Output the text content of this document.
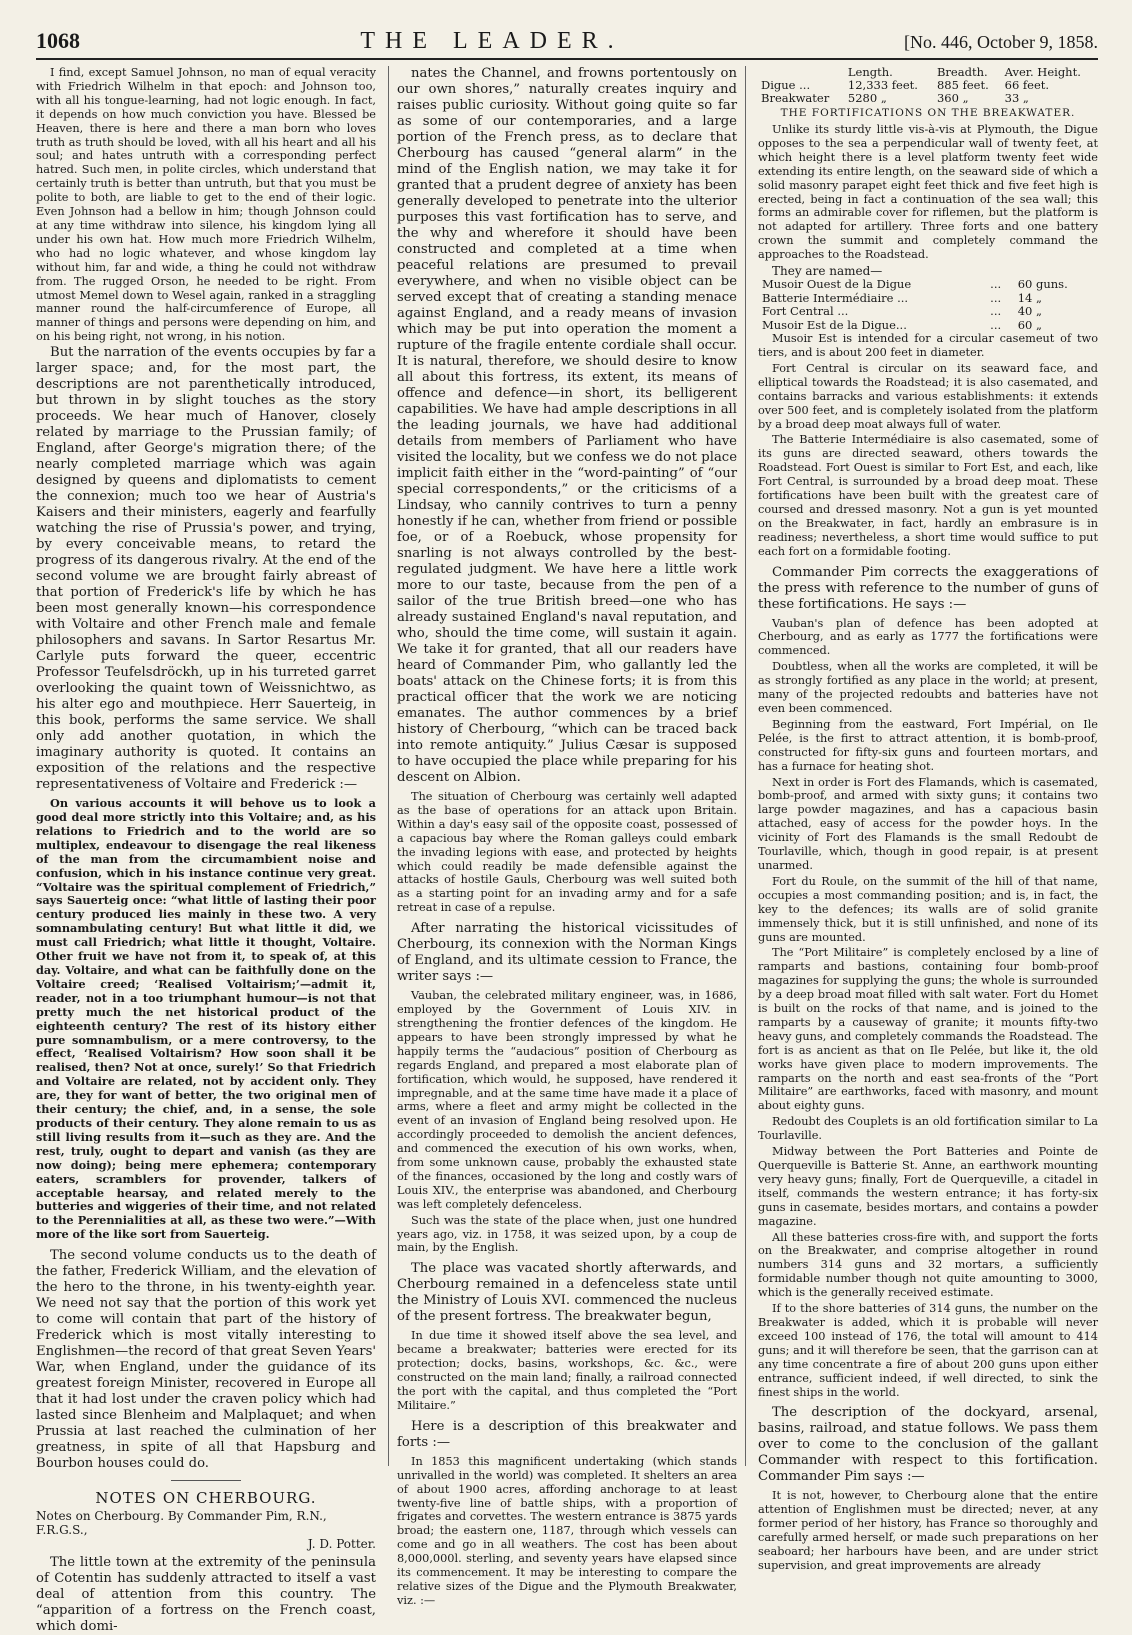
1068	THE LEADER.	[No. 446, October 9, 1858.

I find, except Samuel Johnson, no man of equal veracity with Friedrich Wilhelm in that epoch: and Johnson too, with all his tongue-learning, had not logic enough. In fact, it depends on how much conviction you have. Blessed be Heaven, there is here and there a man born who loves truth as truth should be loved, with all his heart and all his soul; and hates untruth with a corresponding perfect hatred. Such men, in polite circles, which understand that certainly truth is better than untruth, but that you must be polite to both, are liable to get to the end of their logic. Even Johnson had a bellow in him; though Johnson could at any time withdraw into silence, his kingdom lying all under his own hat. How much more Friedrich Wilhelm, who had no logic whatever, and whose kingdom lay without him, far and wide, a thing he could not withdraw from. The rugged Orson, he needed to be right. From utmost Memel down to Wesel again, ranked in a straggling manner round the half-circumference of Europe, all manner of things and persons were depending on him, and on his being right, not wrong, in his notion.

But the narration of the events occupies by far a larger space; and, for the most part, the descriptions are not parenthetically introduced, but thrown in by slight touches as the story proceeds. We hear much of Hanover, closely related by marriage to the Prussian family; of England, after George's migration there; of the nearly completed marriage which was again designed by queens and diplomatists to cement the connexion; much too we hear of Austria's Kaisers and their ministers, eagerly and fearfully watching the rise of Prussia's power, and trying, by every conceivable means, to retard the progress of its dangerous rivalry. At the end of the second volume we are brought fairly abreast of that portion of Frederick's life by which he has been most generally known—his correspondence with Voltaire and other French male and female philosophers and savans. In Sartor Resartus Mr. Carlyle puts forward the queer, eccentric Professor Teufelsdröckh, up in his turreted garret overlooking the quaint town of Weissnichtwo, as his alter ego and mouthpiece. Herr Sauerteig, in this book, performs the same service. We shall only add another quotation, in which the imaginary authority is quoted. It contains an exposition of the relations and the respective representativeness of Voltaire and Frederick :—

On various accounts it will behove us to look a good deal more strictly into this Voltaire; and, as his relations to Friedrich and to the world are so multiplex, endeavour to disengage the real likeness of the man from the circumambient noise and confusion, which in his instance continue very great. “Voltaire was the spiritual complement of Friedrich,” says Sauerteig once: “what little of lasting their poor century produced lies mainly in these two. A very somnambulating century! But what little it did, we must call Friedrich; what little it thought, Voltaire. Other fruit we have not from it, to speak of, at this day. Voltaire, and what can be faithfully done on the Voltaire creed; ‘Realised Voltairism;’—admit it, reader, not in a too triumphant humour—is not that pretty much the net historical product of the eighteenth century? The rest of its history either pure somnambulism, or a mere controversy, to the effect, ‘Realised Voltairism? How soon shall it be realised, then? Not at once, surely!’ So that Friedrich and Voltaire are related, not by accident only. They are, they for want of better, the two original men of their century; the chief, and, in a sense, the sole products of their century. They alone remain to us as still living results from it—such as they are. And the rest, truly, ought to depart and vanish (as they are now doing); being mere ephemera; contemporary eaters, scramblers for provender, talkers of acceptable hearsay, and related merely to the butteries and wiggeries of their time, and not related to the Perennialities at all, as these two were.”—With more of the like sort from Sauerteig.

The second volume conducts us to the death of the father, Frederick William, and the elevation of the hero to the throne, in his twenty-eighth year. We need not say that the portion of this work yet to come will contain that part of the history of Frederick which is most vitally interesting to Englishmen—the record of that great Seven Years' War, when England, under the guidance of its greatest foreign Minister, recovered in Europe all that it had lost under the craven policy which had lasted since Blenheim and Malplaquet; and when Prussia at last reached the culmination of her greatness, in spite of all that Hapsburg and Bourbon houses could do.

NOTES ON CHERBOURG.
Notes on Cherbourg. By Commander Pim, R.N., F.R.G.S.,
J. D. Potter.

The little town at the extremity of the peninsula of Cotentin has suddenly attracted to itself a vast deal of attention from this country. The “apparition of a fortress on the French coast, which domi-

nates the Channel, and frowns portentously on our own shores,” naturally creates inquiry and raises public curiosity. Without going quite so far as some of our contemporaries, and a large portion of the French press, as to declare that Cherbourg has caused “general alarm” in the mind of the English nation, we may take it for granted that a prudent degree of anxiety has been generally developed to penetrate into the ulterior purposes this vast fortification has to serve, and the why and wherefore it should have been constructed and completed at a time when peaceful relations are presumed to prevail everywhere, and when no visible object can be served except that of creating a standing menace against England, and a ready means of invasion which may be put into operation the moment a rupture of the fragile entente cordiale shall occur. It is natural, therefore, we should desire to know all about this fortress, its extent, its means of offence and defence—in short, its belligerent capabilities. We have had ample descriptions in all the leading journals, we have had additional details from members of Parliament who have visited the locality, but we confess we do not place implicit faith either in the “word-painting” of “our special correspondents,” or the criticisms of a Lindsay, who cannily contrives to turn a penny honestly if he can, whether from friend or possible foe, or of a Roebuck, whose propensity for snarling is not always controlled by the best-regulated judgment. We have here a little work more to our taste, because from the pen of a sailor of the true British breed—one who has already sustained England's naval reputation, and who, should the time come, will sustain it again. We take it for granted, that all our readers have heard of Commander Pim, who gallantly led the boats' attack on the Chinese forts; it is from this practical officer that the work we are noticing emanates. The author commences by a brief history of Cherbourg, “which can be traced back into remote antiquity.” Julius Cæsar is supposed to have occupied the place while preparing for his descent on Albion.

The situation of Cherbourg was certainly well adapted as the base of operations for an attack upon Britain. Within a day's easy sail of the opposite coast, possessed of a capacious bay where the Roman galleys could embark the invading legions with ease, and protected by heights which could readily be made defensible against the attacks of hostile Gauls, Cherbourg was well suited both as a starting point for an invading army and for a safe retreat in case of a repulse.

After narrating the historical vicissitudes of Cherbourg, its connexion with the Norman Kings of England, and its ultimate cession to France, the writer says :—

Vauban, the celebrated military engineer, was, in 1686, employed by the Government of Louis XIV. in strengthening the frontier defences of the kingdom. He appears to have been strongly impressed by what he happily terms the “audacious” position of Cherbourg as regards England, and prepared a most elaborate plan of fortification, which would, he supposed, have rendered it impregnable, and at the same time have made it a place of arms, where a fleet and army might be collected in the event of an invasion of England being resolved upon. He accordingly proceeded to demolish the ancient defences, and commenced the execution of his own works, when, from some unknown cause, probably the exhausted state of the finances, occasioned by the long and costly wars of Louis XIV., the enterprise was abandoned, and Cherbourg was left completely defenceless.

Such was the state of the place when, just one hundred years ago, viz. in 1758, it was seized upon, by a coup de main, by the English.

The place was vacated shortly afterwards, and Cherbourg remained in a defenceless state until the Ministry of Louis XVI. commenced the nucleus of the present fortress. The breakwater begun,

In due time it showed itself above the sea level, and became a breakwater; batteries were erected for its protection; docks, basins, workshops, &c. &c., were constructed on the main land; finally, a railroad connected the port with the capital, and thus completed the “Port Militaire.”

Here is a description of this breakwater and forts :—

In 1853 this magnificent undertaking (which stands unrivalled in the world) was completed. It shelters an area of about 1900 acres, affording anchorage to at least twenty-five line of battle ships, with a proportion of frigates and corvettes. The western entrance is 3875 yards broad; the eastern one, 1187, through which vessels can come and go in all weathers. The cost has been about 8,000,000l. sterling, and seventy years have elapsed since its commencement. It may be interesting to compare the relative sizes of the Digue and the Plymouth Breakwater, viz. :—

	Length.	Breadth.	Aver. Height.
Digue ...	12,333 feet.	885 feet.	66 feet.
Breakwater	5280 „	360 „	33 „
THE FORTIFICATIONS ON THE BREAKWATER.

Unlike its sturdy little vis-à-vis at Plymouth, the Digue opposes to the sea a perpendicular wall of twenty feet, at which height there is a level platform twenty feet wide extending its entire length, on the seaward side of which a solid masonry parapet eight feet thick and five feet high is erected, being in fact a continuation of the sea wall; this forms an admirable cover for riflemen, but the platform is not adapted for artillery. Three forts and one battery crown the summit and completely command the approaches to the Roadstead.

They are named—
Musoir Ouest de la Digue	...	60 guns.
Batterie Intermédiaire ...	...	14 „
Fort Central ...	...	40 „
Musoir Est de la Digue...	...	60 „

Musoir Est is intended for a circular casemeut of two tiers, and is about 200 feet in diameter.

Fort Central is circular on its seaward face, and elliptical towards the Roadstead; it is also casemated, and contains barracks and various establishments: it extends over 500 feet, and is completely isolated from the platform by a broad deep moat always full of water.

The Batterie Intermédiaire is also casemated, some of its guns are directed seaward, others towards the Roadstead. Fort Ouest is similar to Fort Est, and each, like Fort Central, is surrounded by a broad deep moat. These fortifications have been built with the greatest care of coursed and dressed masonry. Not a gun is yet mounted on the Breakwater, in fact, hardly an embrasure is in readiness; nevertheless, a short time would suffice to put each fort on a formidable footing.

Commander Pim corrects the exaggerations of the press with reference to the number of guns of these fortifications. He says :—

Vauban's plan of defence has been adopted at Cherbourg, and as early as 1777 the fortifications were commenced.

Doubtless, when all the works are completed, it will be as strongly fortified as any place in the world; at present, many of the projected redoubts and batteries have not even been commenced.

Beginning from the eastward, Fort Impérial, on Ile Pelée, is the first to attract attention, it is bomb-proof, constructed for fifty-six guns and fourteen mortars, and has a furnace for heating shot.

Next in order is Fort des Flamands, which is casemated, bomb-proof, and armed with sixty guns; it contains two large powder magazines, and has a capacious basin attached, easy of access for the powder hoys. In the vicinity of Fort des Flamands is the small Redoubt de Tourlaville, which, though in good repair, is at present unarmed.

Fort du Roule, on the summit of the hill of that name, occupies a most commanding position; and is, in fact, the key to the defences; its walls are of solid granite immensely thick, but it is still unfinished, and none of its guns are mounted.

The “Port Militaire” is completely enclosed by a line of ramparts and bastions, containing four bomb-proof magazines for supplying the guns; the whole is surrounded by a deep broad moat filled with salt water. Fort du Homet is built on the rocks of that name, and is joined to the ramparts by a causeway of granite; it mounts fifty-two heavy guns, and completely commands the Roadstead. The fort is as ancient as that on Ile Pelée, but like it, the old works have given place to modern improvements. The ramparts on the north and east sea-fronts of the “Port Militaire” are earthworks, faced with masonry, and mount about eighty guns.

Redoubt des Couplets is an old fortification similar to La Tourlaville.

Midway between the Port Batteries and Pointe de Querqueville is Batterie St. Anne, an earthwork mounting very heavy guns; finally, Fort de Querqueville, a citadel in itself, commands the western entrance; it has forty-six guns in casemate, besides mortars, and contains a powder magazine.

All these batteries cross-fire with, and support the forts on the Breakwater, and comprise altogether in round numbers 314 guns and 32 mortars, a sufficiently formidable number though not quite amounting to 3000, which is the generally received estimate.

If to the shore batteries of 314 guns, the number on the Breakwater is added, which it is probable will never exceed 100 instead of 176, the total will amount to 414 guns; and it will therefore be seen, that the garrison can at any time concentrate a fire of about 200 guns upon either entrance, sufficient indeed, if well directed, to sink the finest ships in the world.

The description of the dockyard, arsenal, basins, railroad, and statue follows. We pass them over to come to the conclusion of the gallant Commander with respect to this fortification. Commander Pim says :—

It is not, however, to Cherbourg alone that the entire attention of Englishmen must be directed; never, at any former period of her history, has France so thoroughly and carefully armed herself, or made such preparations on her seaboard; her harbours have been, and are under strict supervision, and great improvements are already
